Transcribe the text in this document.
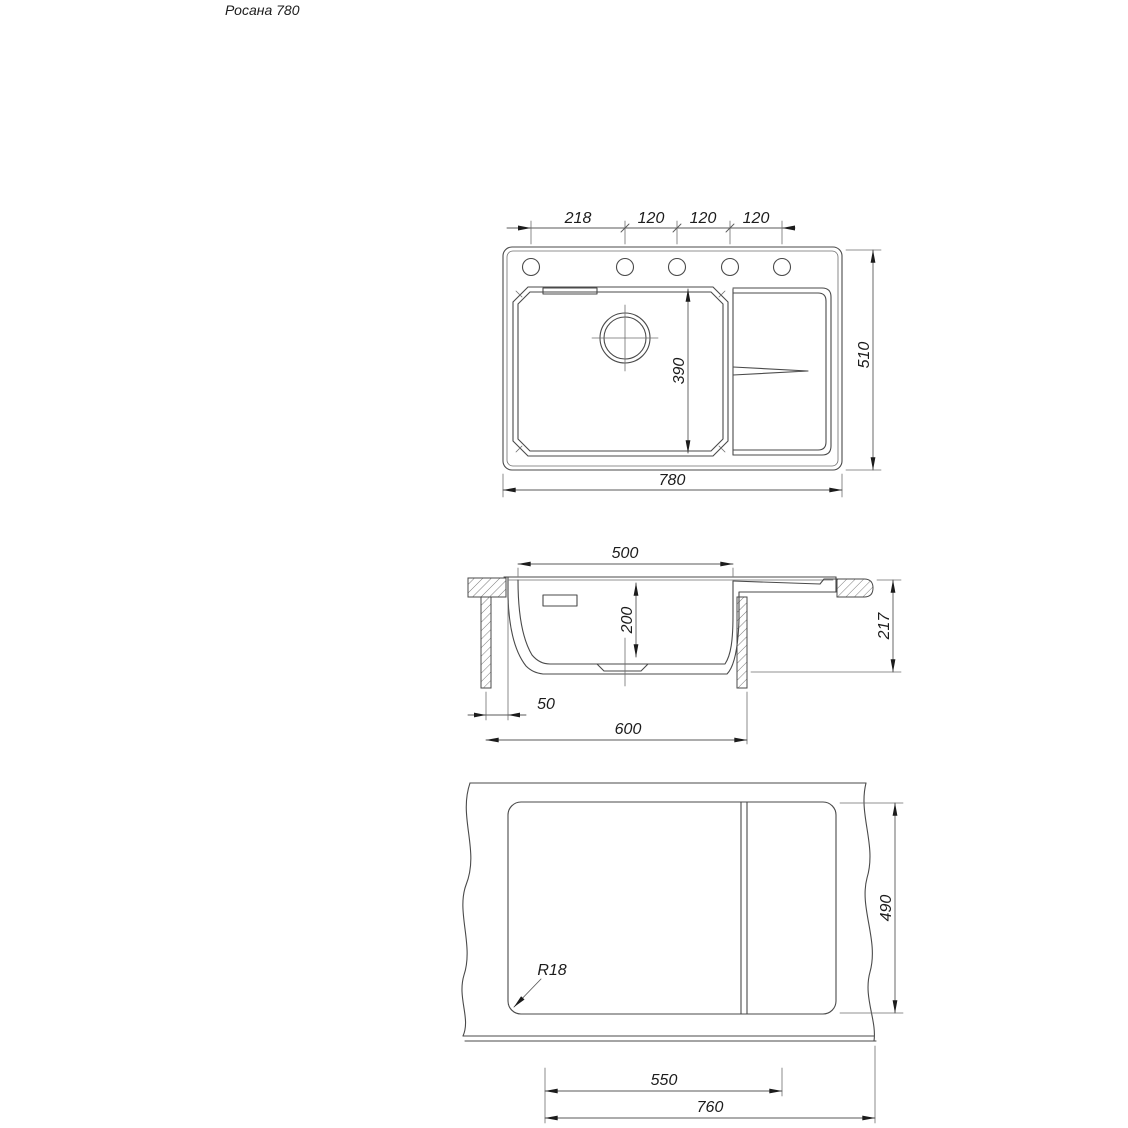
Росана 780
218	120 120 120
390
510
780
500
200	217
50
600
R18
490
550
760
